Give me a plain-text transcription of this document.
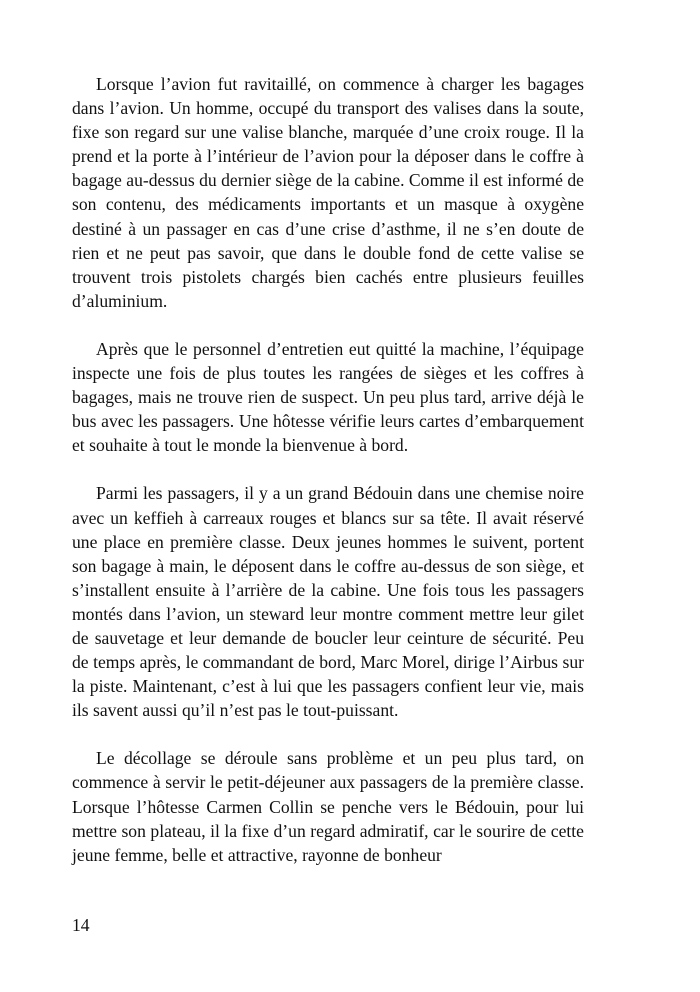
Lorsque l’avion fut ravitaillé, on commence à charger les bagages dans l’avion. Un homme, occupé du transport des valises dans la soute, fixe son regard sur une valise blanche, marquée d’une croix rouge. Il la prend et la porte à l’intérieur de l’avion pour la déposer dans le coffre à bagage au-dessus du dernier siège de la cabine. Comme il est informé de son contenu, des médicaments importants et un masque à oxygène destiné à un passager en cas d’une crise d’asthme, il ne s’en doute de rien et ne peut pas savoir, que dans le double fond de cette valise se trouvent trois pistolets chargés bien cachés entre plusieurs feuilles d’aluminium.

Après que le personnel d’entretien eut quitté la machine, l’équipage inspecte une fois de plus toutes les rangées de sièges et les coffres à bagages, mais ne trouve rien de suspect. Un peu plus tard, arrive déjà le bus avec les passagers. Une hôtesse vérifie leurs cartes d’embarquement et souhaite à tout le monde la bienvenue à bord.

Parmi les passagers, il y a un grand Bédouin dans une chemise noire avec un keffieh à carreaux rouges et blancs sur sa tête. Il avait réservé une place en première classe. Deux jeunes hommes le suivent, portent son bagage à main, le déposent dans le coffre au-dessus de son siège, et s’installent ensuite à l’arrière de la cabine. Une fois tous les passagers montés dans l’avion, un steward leur montre comment mettre leur gilet de sauvetage et leur demande de boucler leur ceinture de sécurité. Peu de temps après, le commandant de bord, Marc Morel, dirige l’Airbus sur la piste. Maintenant, c’est à lui que les passagers confient leur vie, mais ils savent aussi qu’il n’est pas le tout-puissant.

Le décollage se déroule sans problème et un peu plus tard, on commence à servir le petit-déjeuner aux passagers de la première classe. Lorsque l’hôtesse Carmen Collin se penche vers le Bédouin, pour lui mettre son plateau, il la fixe d’un regard admiratif, car le sourire de cette jeune femme, belle et attractive, rayonne de bonheur

14
